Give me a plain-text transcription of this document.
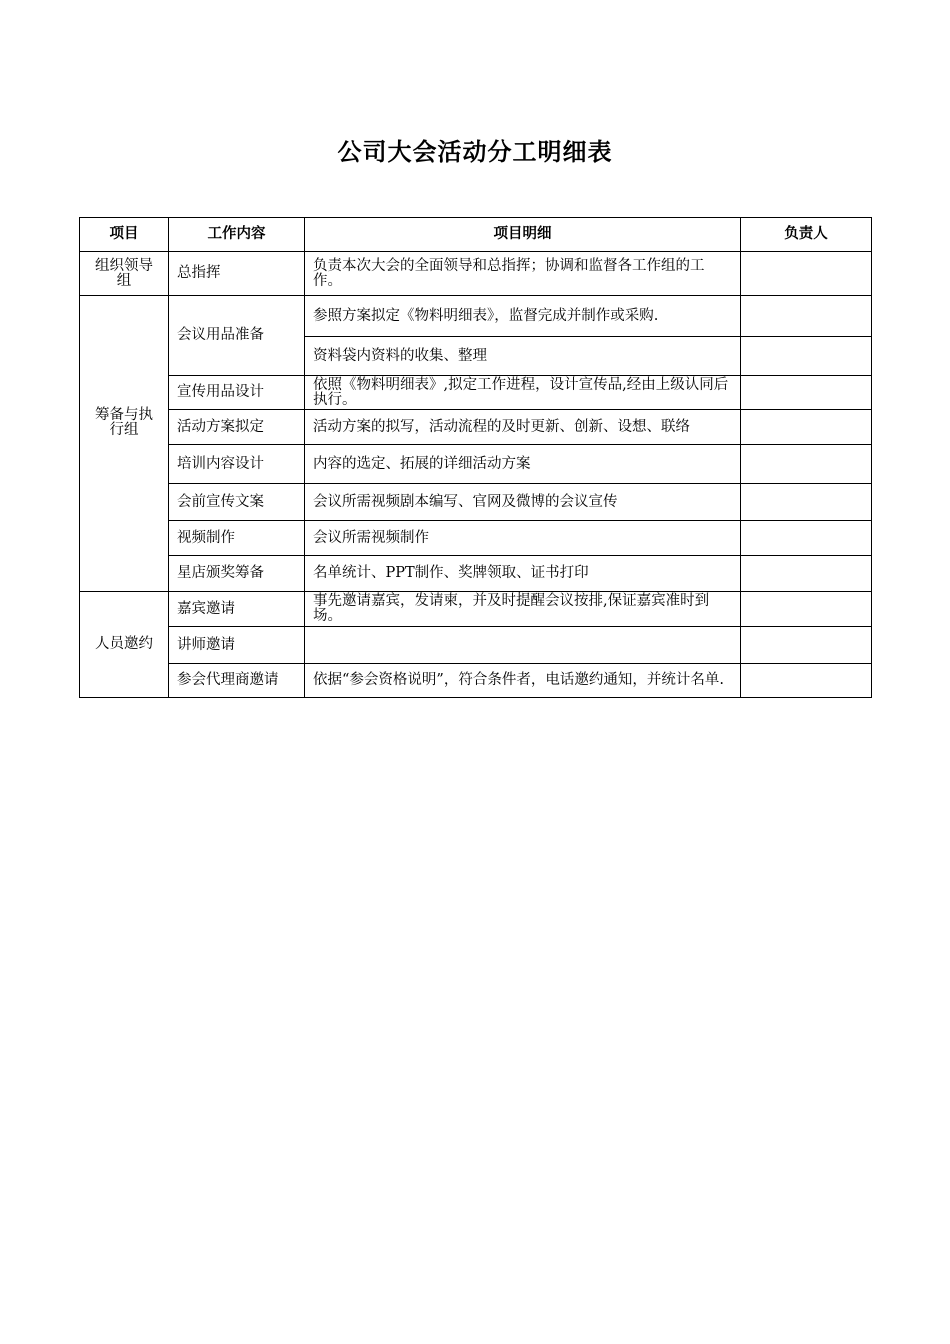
公司大会活动分工明细表
项目	工作内容	项目明细	负责人
组织领导组	总指挥	负责本次大会的全面领导和总指挥；协调和监督各工作组的工作。	

筹备与执行组	会议用品准备	参照方案拟定《物料明细表》，监督完成并制作或采购.	
		资料袋内资料的收集、整理	
	宣传用品设计	依照《物料明细表》,拟定工作进程，设计宣传品,经由上级认同后执行。	
	活动方案拟定	活动方案的拟写，活动流程的及时更新、创新、设想、联络	
	培训内容设计	内容的选定、拓展的详细活动方案	
	会前宣传文案	会议所需视频剧本编写、官网及微博的会议宣传	
	视频制作	会议所需视频制作	
	星店颁奖筹备	名单统计、PPT制作、奖牌领取、证书打印	

人员邀约	嘉宾邀请	事先邀请嘉宾，发请柬，并及时提醒会议按排,保证嘉宾准时到场。	
	讲师邀请		
	参会代理商邀请	依据“参会资格说明”，符合条件者，电话邀约通知，并统计名单.	
